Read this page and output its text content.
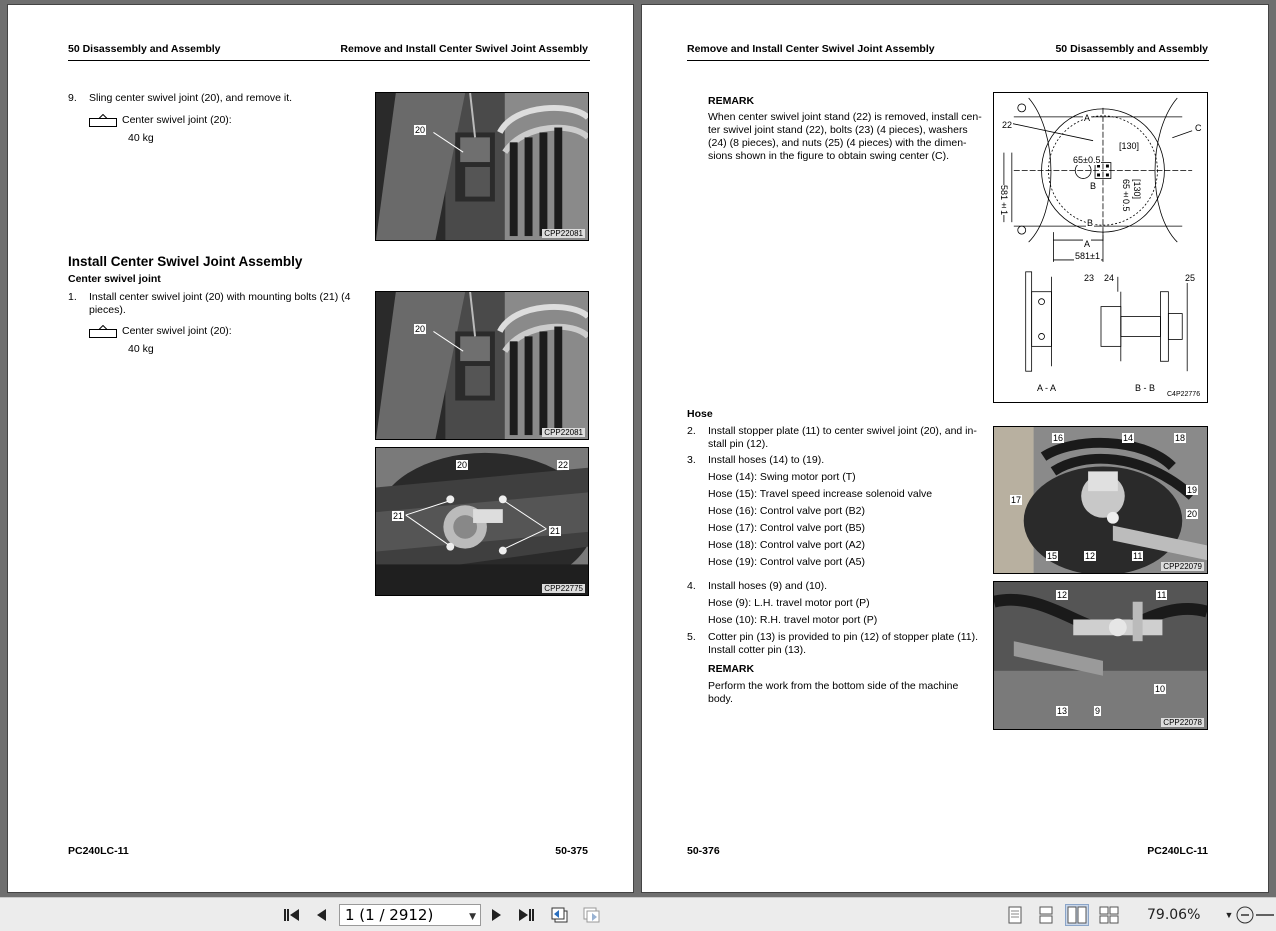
50 Disassembly and Assembly	Remove and Install Center Swivel Joint Assembly
9. Sling center swivel joint (20), and remove it.
Center swivel joint (20):
40 kg
20
CPP22081
Install Center Swivel Joint Assembly
Center swivel joint
1. Install center swivel joint (20) with mounting bolts (21) (4
pieces).
Center swivel joint (20):
40 kg
20
CPP22081
20	22
21
21
CPP22775
PC240LC-11	50-375
Remove and Install Center Swivel Joint Assembly	50 Disassembly and Assembly
REMARK
When center swivel joint stand (22) is removed, install cen-
ter swivel joint stand (22), bolts (23) (4 pieces), washers
(24) (8 pieces), and nuts (25) (4 pieces) with the dimen-
sions shown in the figure to obtain swing center (C).
22
A
C
[130]
65±0.5
B
581±1	65±0.5 [130]
B
A
581±1
23 24	25
A - A	B - B
C4P22776
Hose
2. Install stopper plate (11) to center swivel joint (20), and in-
stall pin (12).
3. Install hoses (14) to (19).
Hose (14): Swing motor port (T)
Hose (15): Travel speed increase solenoid valve
Hose (16): Control valve port (B2)
Hose (17): Control valve port (B5)
Hose (18): Control valve port (A2)
Hose (19): Control valve port (A5)
4. Install hoses (9) and (10).
Hose (9): L.H. travel motor port (P)
Hose (10): R.H. travel motor port (P)
5. Cotter pin (13) is provided to pin (12) of stopper plate (11).
Install cotter pin (13).
REMARK
Perform the work from the bottom side of the machine
body.
16	14	18
19
17
20
15	12	11
CPP22079
12	11
10
13	9
CPP22078
50-376	PC240LC-11
1 (1 / 2912)	▼	79.06%	▼
